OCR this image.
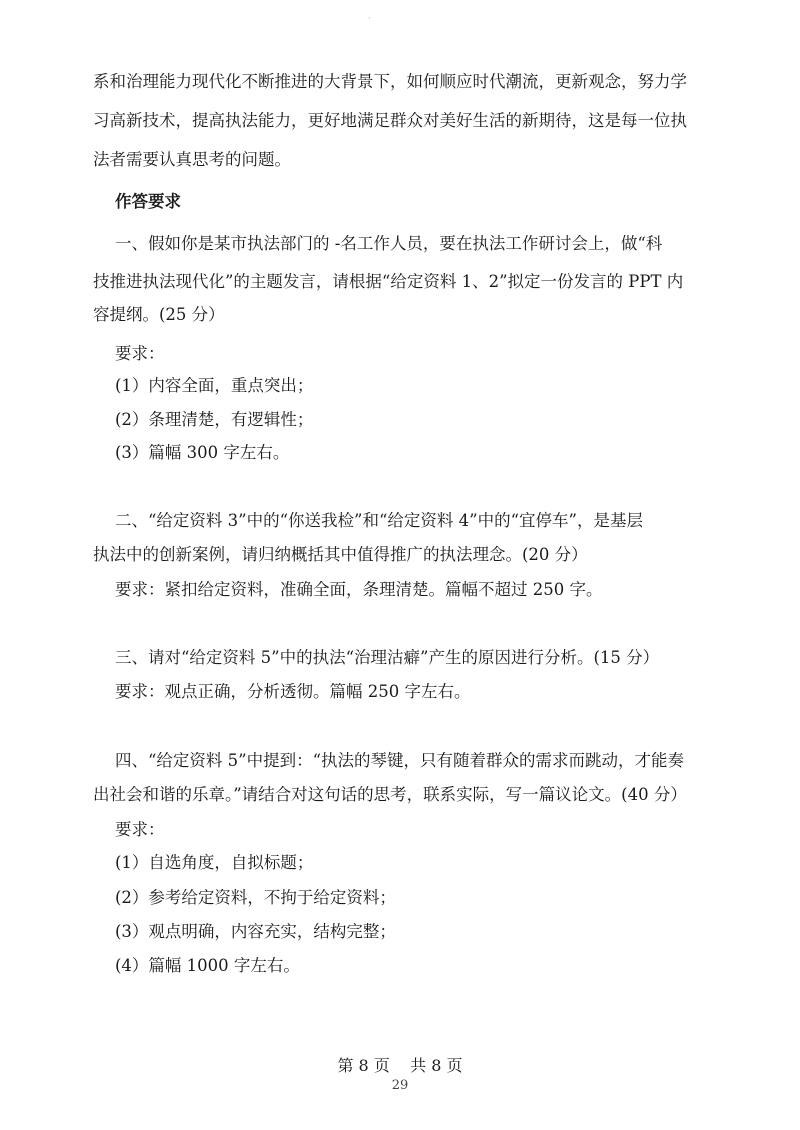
·
系和治理能力现代化不断推进的大背景下，如何顺应时代潮流，更新观念，努力学
习高新技术，提高执法能力，更好地满足群众对美好生活的新期待，这是每一位执
法者需要认真思考的问题。
作答要求
一、假如你是某市执法部门的 -名工作人员，要在执法工作研讨会上，做“科
技推进执法现代化”的主题发言，请根据“给定资料 1、2”拟定一份发言的 PPT 内
容提纲。(25 分）
要求：
(1）内容全面，重点突出；
(2）条理清楚，有逻辑性；
(3）篇幅 300 字左右。
二、“给定资料 3”中的“你送我检”和“给定资料 4”中的“宜停车”，是基层
执法中的创新案例，请归纳概括其中值得推广的执法理念。(20 分）
要求：紧扣给定资料，准确全面，条理清楚。篇幅不超过 250 字。
三、请对“给定资料 5”中的执法“治理沽癖”产生的原因进行分析。(15 分）
要求：观点正确，分析透彻。篇幅 250 字左右。
四、“给定资料 5”中提到：“执法的琴键，只有随着群众的需求而跳动，才能奏
出社会和谐的乐章。”请结合对这句话的思考，联系实际，写一篇议论文。(40 分）
要求：
(1）自选角度，自拟标题；
(2）参考给定资料，不拘于给定资料；
(3）观点明确，内容充实，结构完整；
(4）篇幅 1000 字左右。
第 8 页    共 8 页
29
